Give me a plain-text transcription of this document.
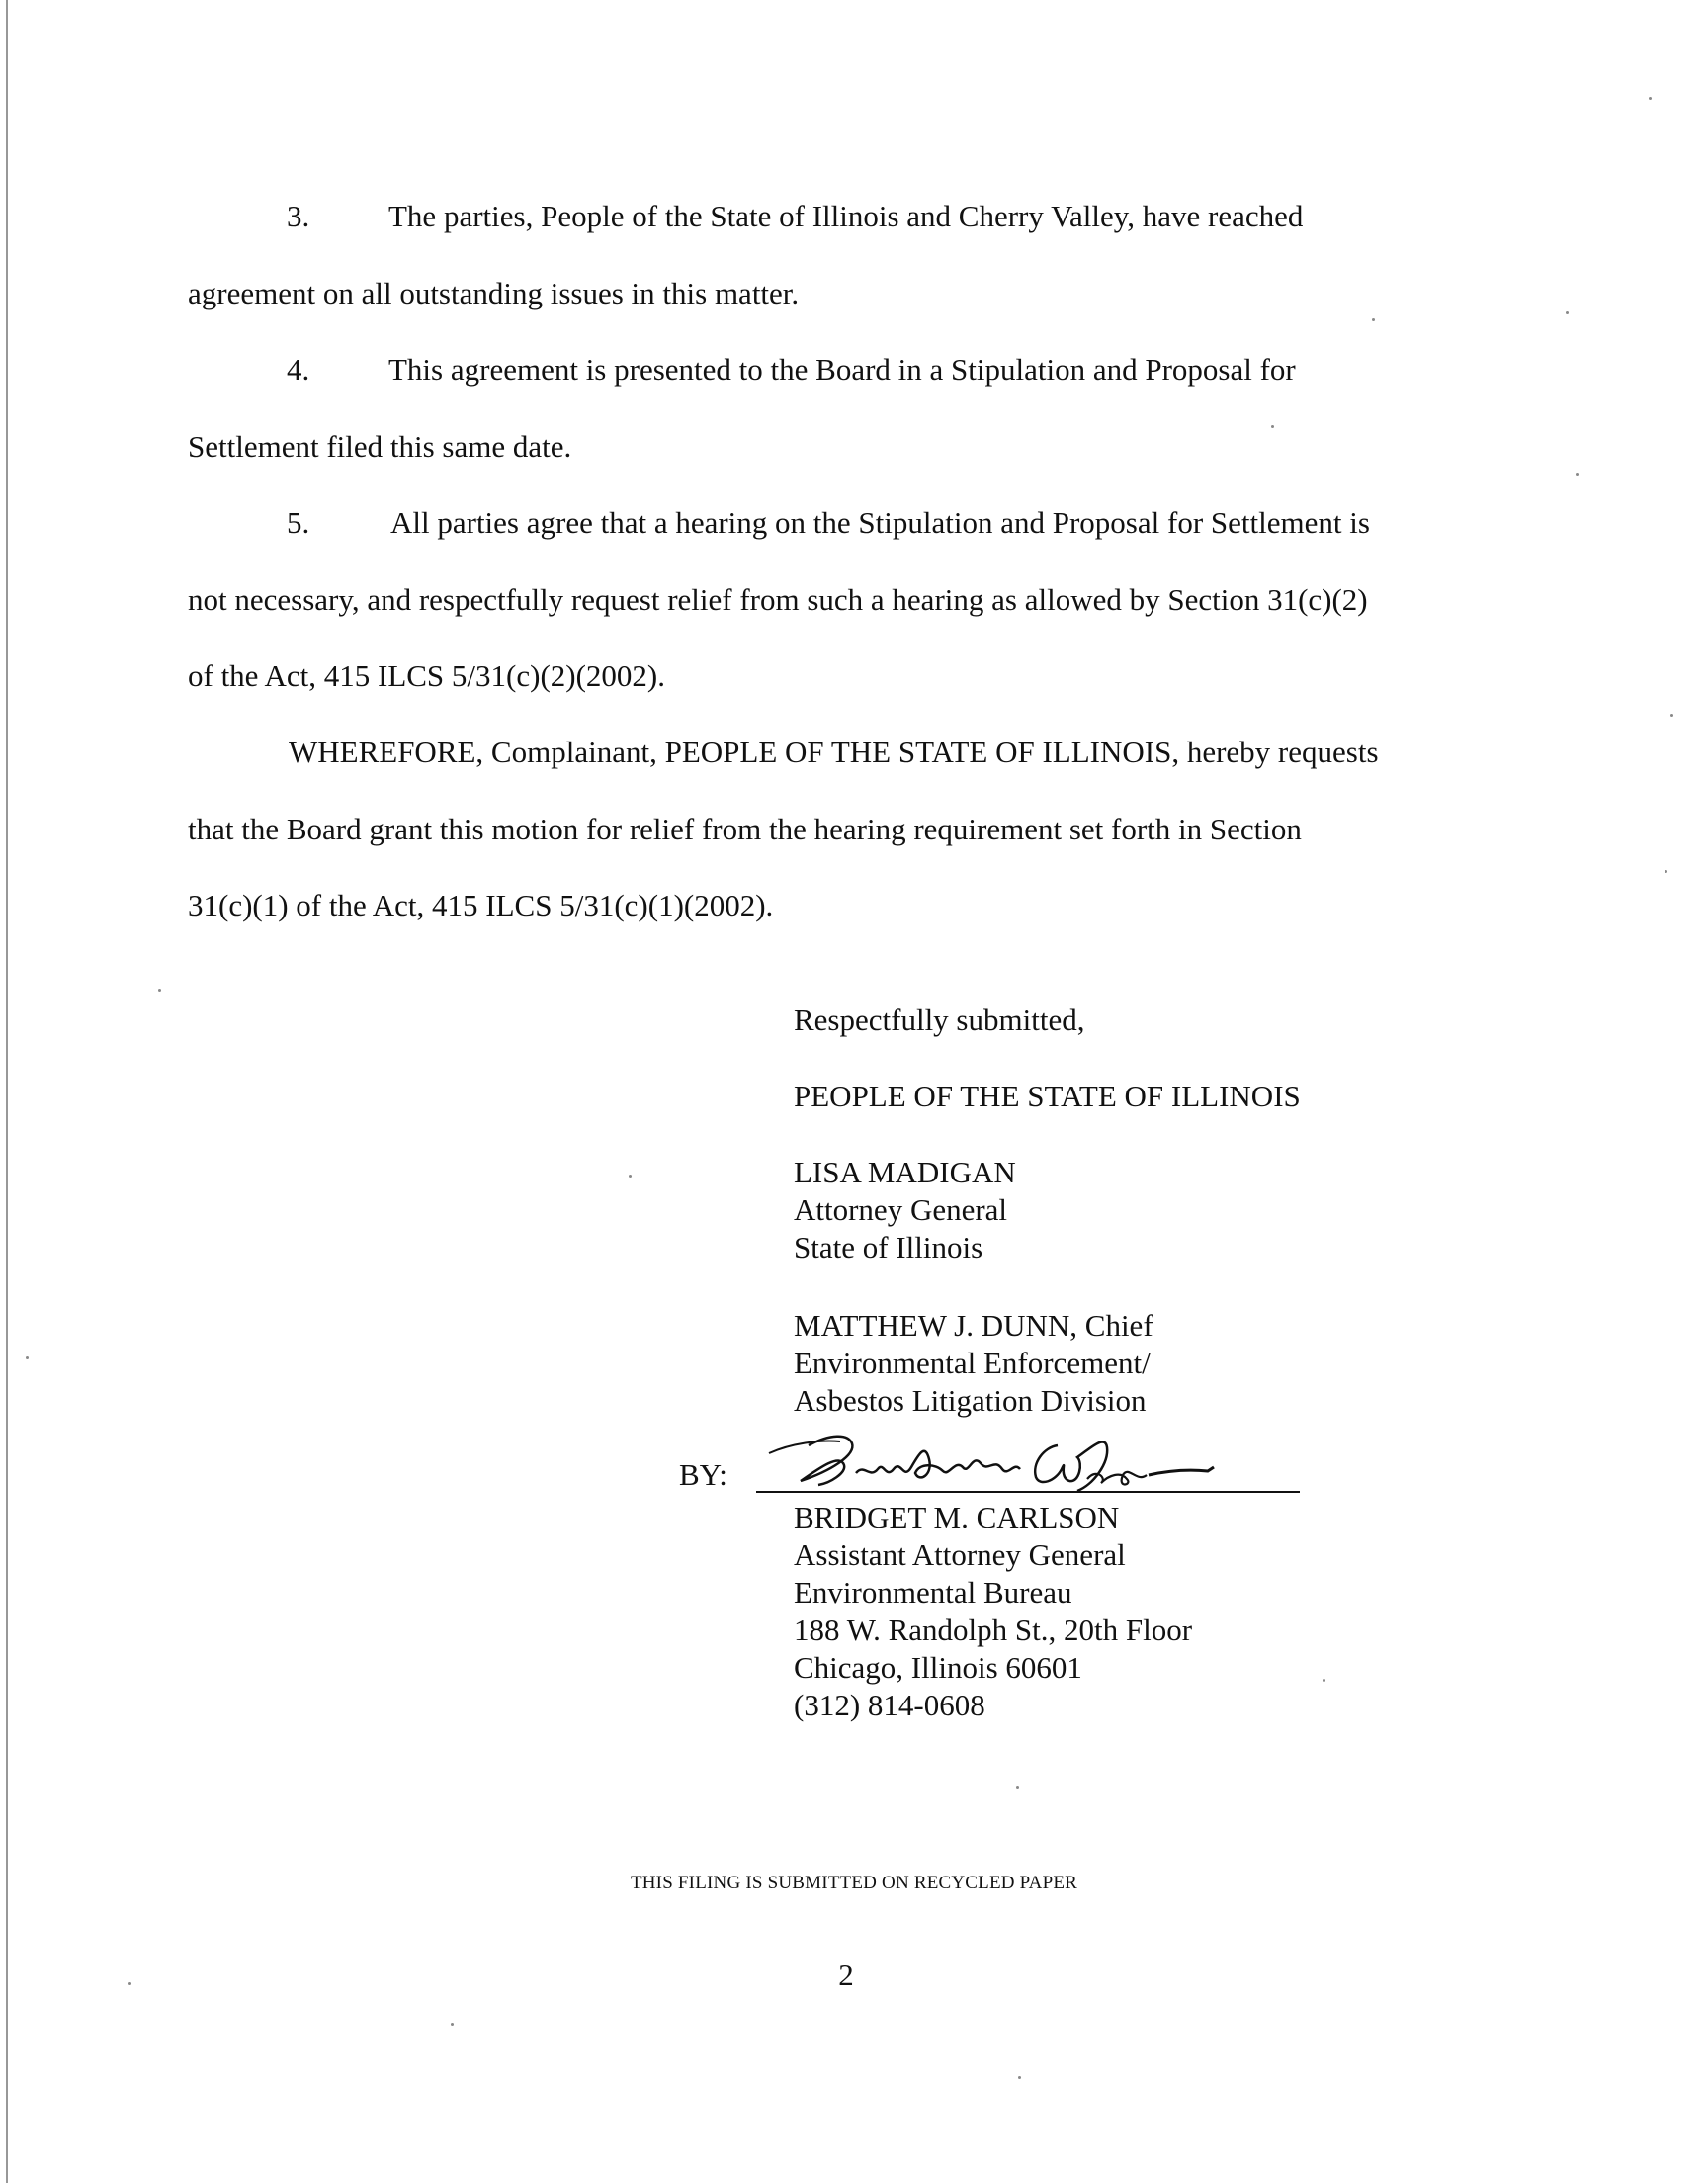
3.	The parties, People of the State of Illinois and Cherry Valley, have reached
agreement on all outstanding issues in this matter.
4.	This agreement is presented to the Board in a Stipulation and Proposal for
Settlement filed this same date.
5.	All parties agree that a hearing on the Stipulation and Proposal for Settlement is
not necessary, and respectfully request relief from such a hearing as allowed by Section 31(c)(2)
of the Act, 415 ILCS 5/31(c)(2)(2002).
WHEREFORE, Complainant, PEOPLE OF THE STATE OF ILLINOIS, hereby requests
that the Board grant this motion for relief from the hearing requirement set forth in Section
31(c)(1) of the Act, 415 ILCS 5/31(c)(1)(2002).
Respectfully submitted,
PEOPLE OF THE STATE OF ILLINOIS
LISA MADIGAN
Attorney General
State of Illinois
MATTHEW J. DUNN, Chief
Environmental Enforcement/
Asbestos Litigation Division
BY:
BRIDGET M. CARLSON
Assistant Attorney General
Environmental Bureau
188 W. Randolph St., 20th Floor
Chicago, Illinois 60601
(312) 814-0608
THIS FILING IS SUBMITTED ON RECYCLED PAPER
2
